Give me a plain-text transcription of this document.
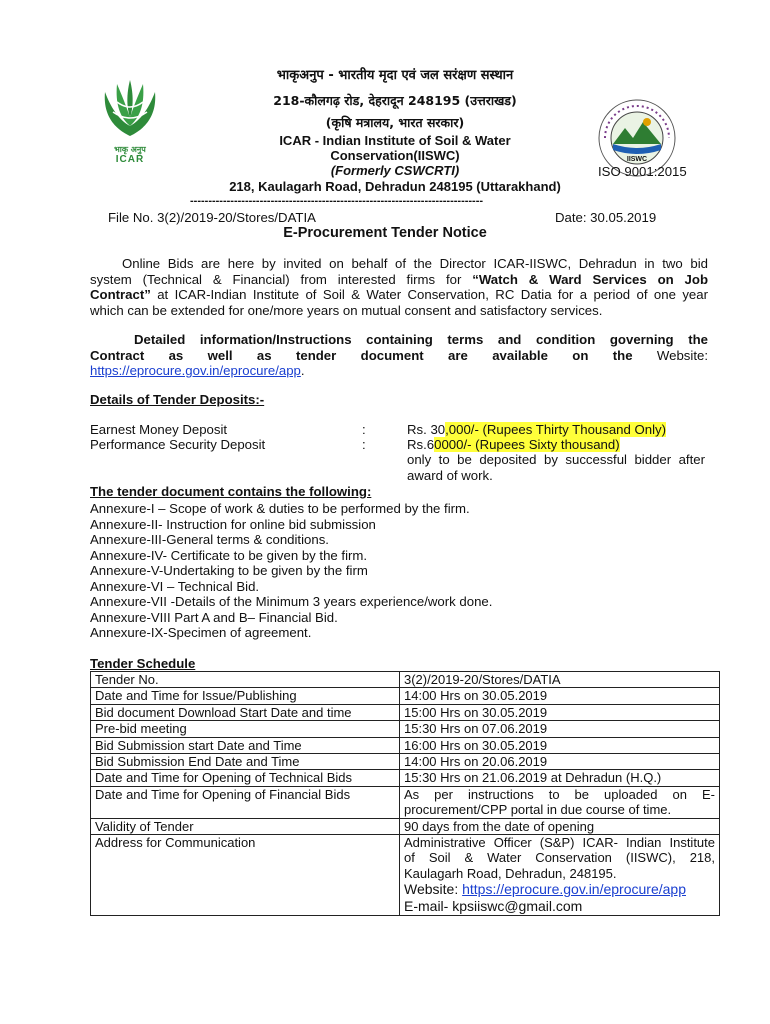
भाकृ अनुप
ICAR	IISWC
भाकृअनुप - भारतीय मृदा एवं जल सरंक्षण सस्थान
218-कौलगढ़ रोड, देहरादून 248195 (उत्तराखड)
(कृषि मत्रालय, भारत सरकार)
ICAR - Indian Institute of Soil & Water
Conservation(IISWC)
(Formerly CSWCRTI)
218, Kaulagarh Road, Dehradun 248195 (Uttarakhand)
--------------------------------------------------------------------------------
ISO 9001:2015
File No. 3(2)/2019-20/Stores/DATIA	Date: 30.05.2019
E-Procurement Tender Notice
Online Bids are here by invited on behalf of the Director ICAR-IISWC, Dehradun in two bid
system (Technical & Financial) from interested firms for “Watch & Ward Services on Job
Contract” at ICAR-Indian Institute of Soil & Water Conservation, RC Datia for a period of one year
which can be extended for one/more years on mutual consent and satisfactory services.
Detailed information/Instructions containing terms and condition governing the
Contract as well as tender document are available on the Website:
https://eprocure.gov.in/eprocure/app.
Details of Tender Deposits:-
Earnest Money Deposit	:	Rs. 30,000/- (Rupees Thirty Thousand Only)
Performance Security Deposit	:	Rs.60000/- (Rupees Sixty thousand)
only to be deposited by successful bidder after
award of work.
The tender document contains the following:
Annexure-I – Scope of work & duties to be performed by the firm.
Annexure-II- Instruction for online bid submission
Annexure-III-General terms & conditions.
Annexure-IV- Certificate to be given by the firm.
Annexure-V-Undertaking to be given by the firm
Annexure-VI – Technical Bid.
Annexure-VII -Details of the Minimum 3 years experience/work done.
Annexure-VIII Part A and B– Financial Bid.
Annexure-IX-Specimen of agreement.
Tender Schedule
Tender No.	3(2)/2019-20/Stores/DATIA
Date and Time for Issue/Publishing	14:00 Hrs on 30.05.2019
Bid document Download Start Date and time	15:00 Hrs on 30.05.2019
Pre-bid meeting	15:30 Hrs on 07.06.2019
Bid Submission start Date and Time	16:00 Hrs on 30.05.2019
Bid Submission End Date and Time	14:00 Hrs on 20.06.2019
Date and Time for Opening of Technical Bids	15:30 Hrs on 21.06.2019 at Dehradun (H.Q.)
Date and Time for Opening of Financial Bids	As per instructions to be uploaded on E-
procurement/CPP portal in due course of time.

Validity of Tender	90 days from the date of opening
Address for Communication	Administrative Officer (S&P) ICAR- Indian Institute
of Soil & Water Conservation (IISWC), 218,
Kaulagarh Road, Dehradun, 248195.
Website: https://eprocure.gov.in/eprocure/app
E-mail- kpsiiswc@gmail.com
